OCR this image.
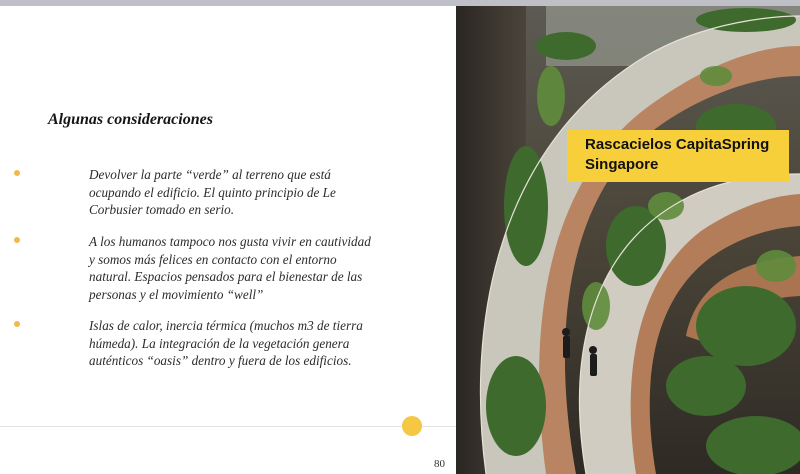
Algunas consideraciones
Devolver la parte “verde” al terreno que está
ocupando el edificio. El quinto principio de Le
Corbusier tomado en serio.
A los humanos tampoco nos gusta vivir en cautividad
y somos más felices en contacto con el entorno
natural. Espacios pensados para el bienestar de las
personas y el movimiento “well”
Islas de calor, inercia térmica (muchos m3 de tierra
húmeda). La integración de la vegetación genera
auténticos “oasis” dentro y fuera de los edificios.
80
Rascacielos CapitaSpring
Singapore
